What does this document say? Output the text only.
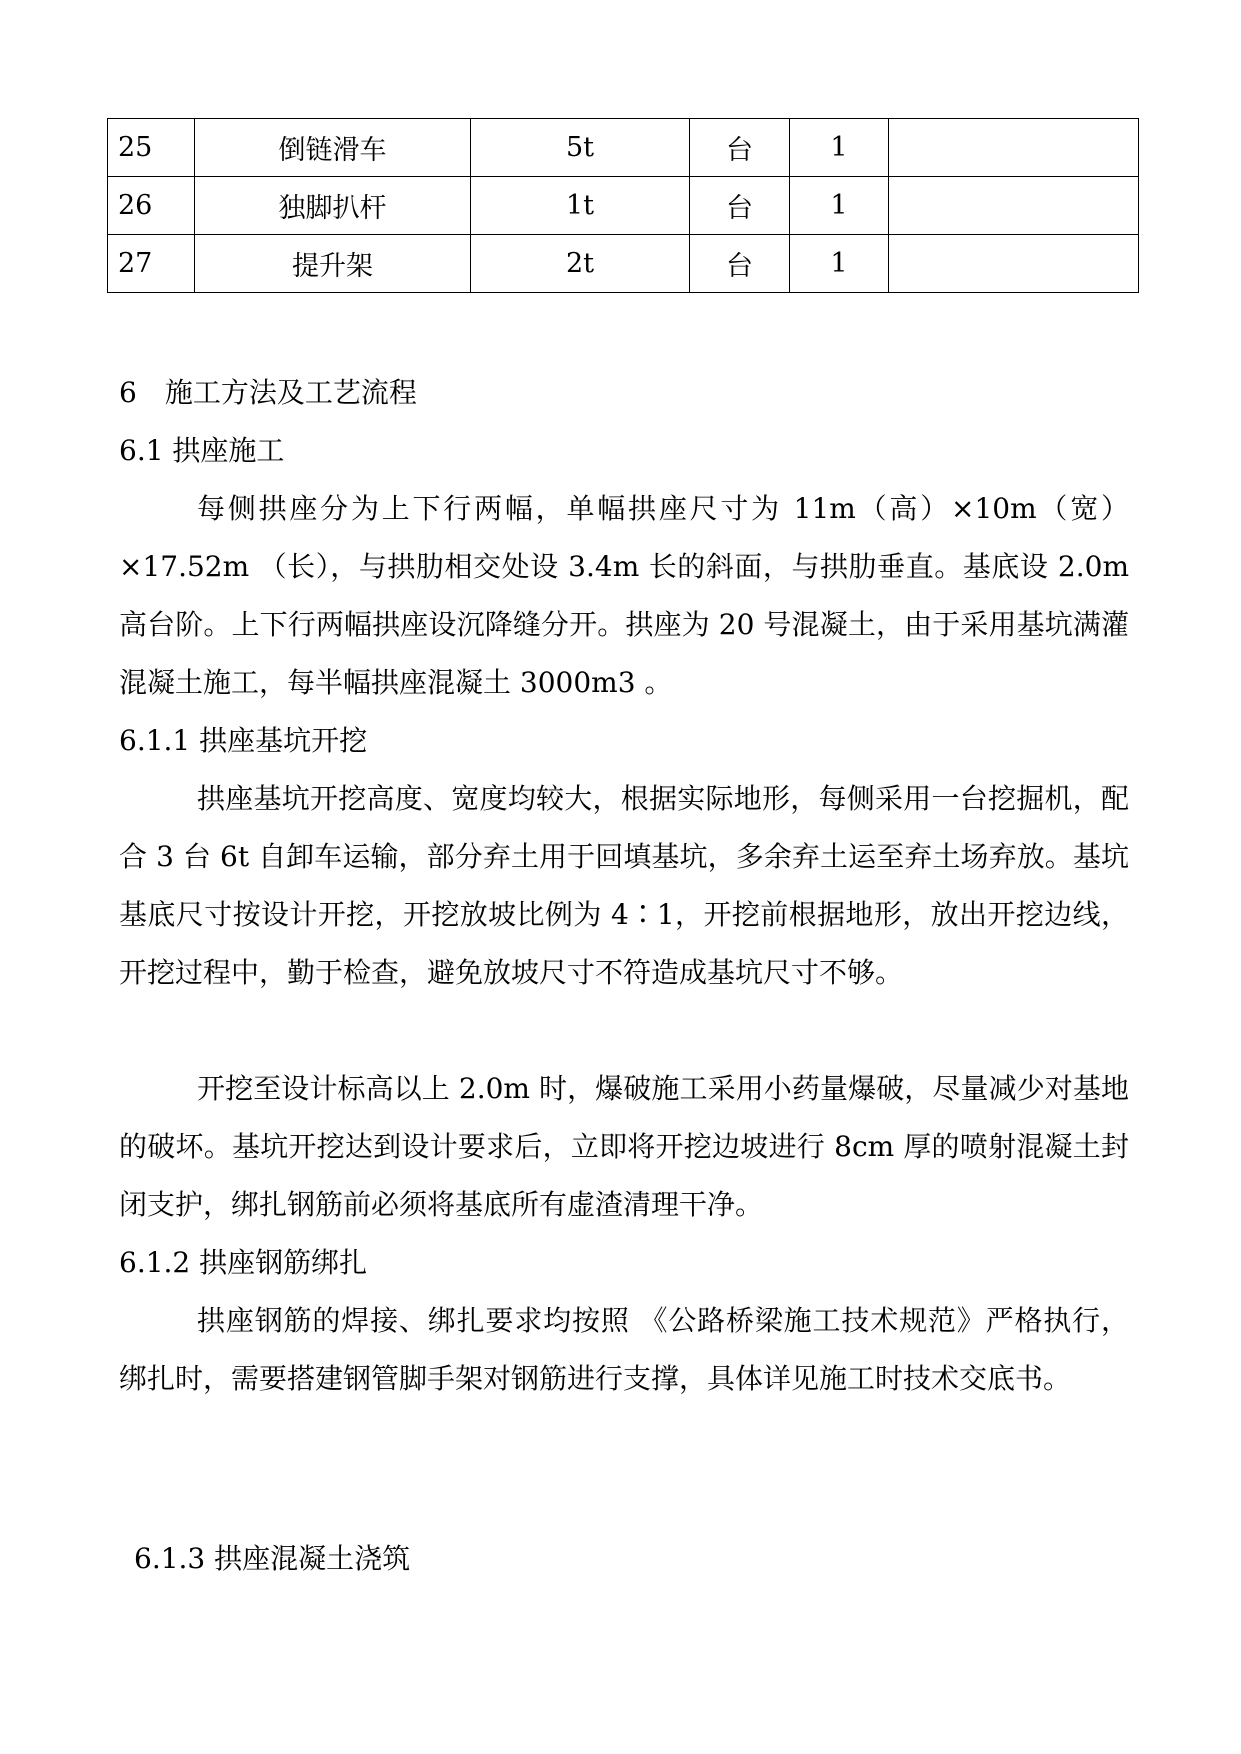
25	倒链滑车	5t	台	1	
26	独脚扒杆	1t	台	1	
27	提升架	2t	台	1	
6　施工方法及工艺流程
6.1 拱座施工
每侧拱座分为上下行两幅，单幅拱座尺寸为 11m（高）×10m（宽）×17.52m （长），与拱肋相交处设 3.4m 长的斜面，与拱肋垂直。基底设 2.0m 高台阶。上下行两幅拱座设沉降缝分开。拱座为 20 号混凝土，由于采用基坑满灌混凝土施工，每半幅拱座混凝土 3000m3 。
6.1.1 拱座基坑开挖
拱座基坑开挖高度、宽度均较大，根据实际地形，每侧采用一台挖掘机，配合 3 台 6t 自卸车运输，部分弃土用于回填基坑，多余弃土运至弃土场弃放。基坑基底尺寸按设计开挖，开挖放坡比例为 4∶1，开挖前根据地形，放出开挖边线，开挖过程中，勤于检查，避免放坡尺寸不符造成基坑尺寸不够。
开挖至设计标高以上 2.0m 时，爆破施工采用小药量爆破，尽量减少对基地的破坏。基坑开挖达到设计要求后，立即将开挖边坡进行 8cm 厚的喷射混凝土封闭支护，绑扎钢筋前必须将基底所有虚渣清理干净。
6.1.2 拱座钢筋绑扎
拱座钢筋的焊接、绑扎要求均按照 《公路桥梁施工技术规范》严格执行，绑扎时，需要搭建钢管脚手架对钢筋进行支撑，具体详见施工时技术交底书。
6.1.3 拱座混凝土浇筑
